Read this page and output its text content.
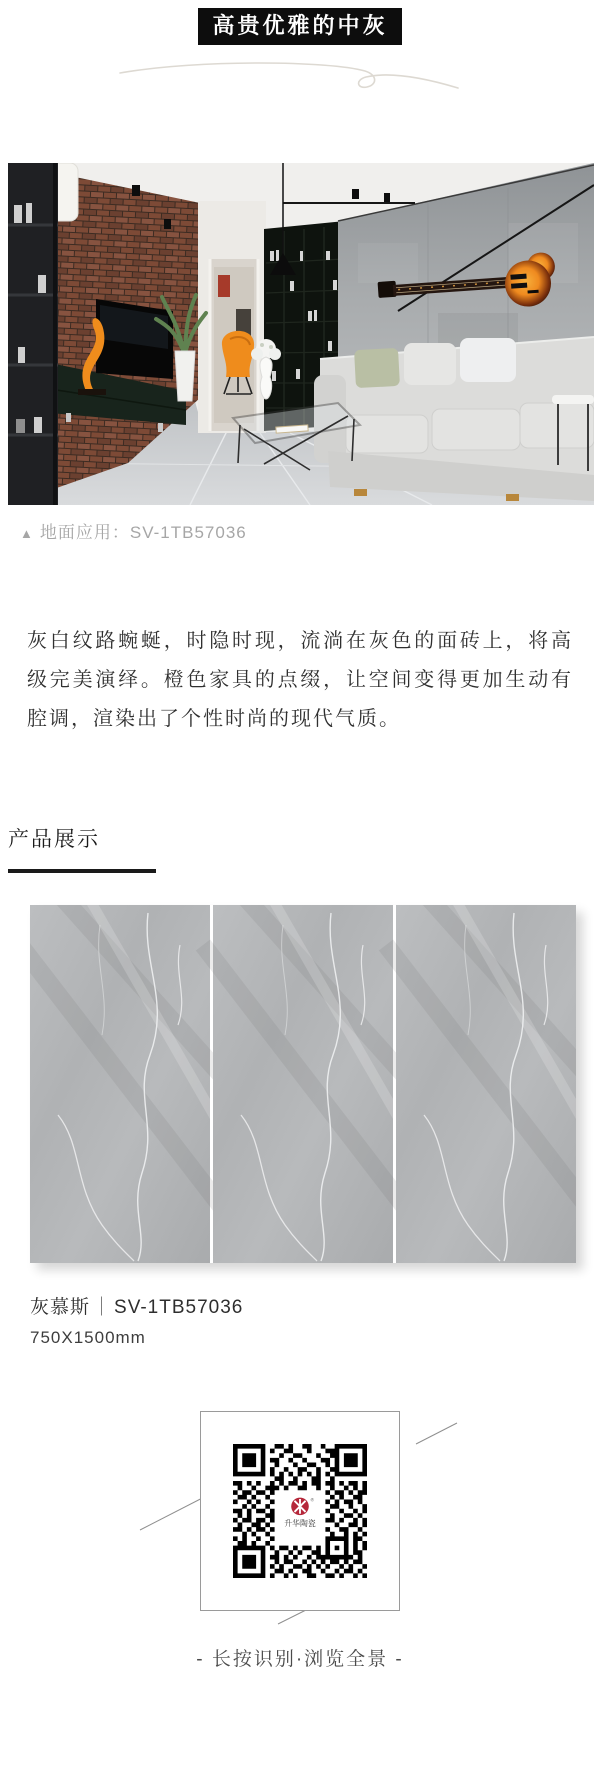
高贵优雅的中灰
▲ 地面应用：SV-1TB57036

灰白纹路蜿蜒，时隐时现，流淌在灰色的面砖上，将高级完美演绎。橙色家具的点缀，让空间变得更加生动有腔调，渲染出了个性时尚的现代气质。

产品展示
灰慕斯 ｜ SV-1TB57036
750X1500mm
®
升华陶瓷
- 长按识别·浏览全景 -
